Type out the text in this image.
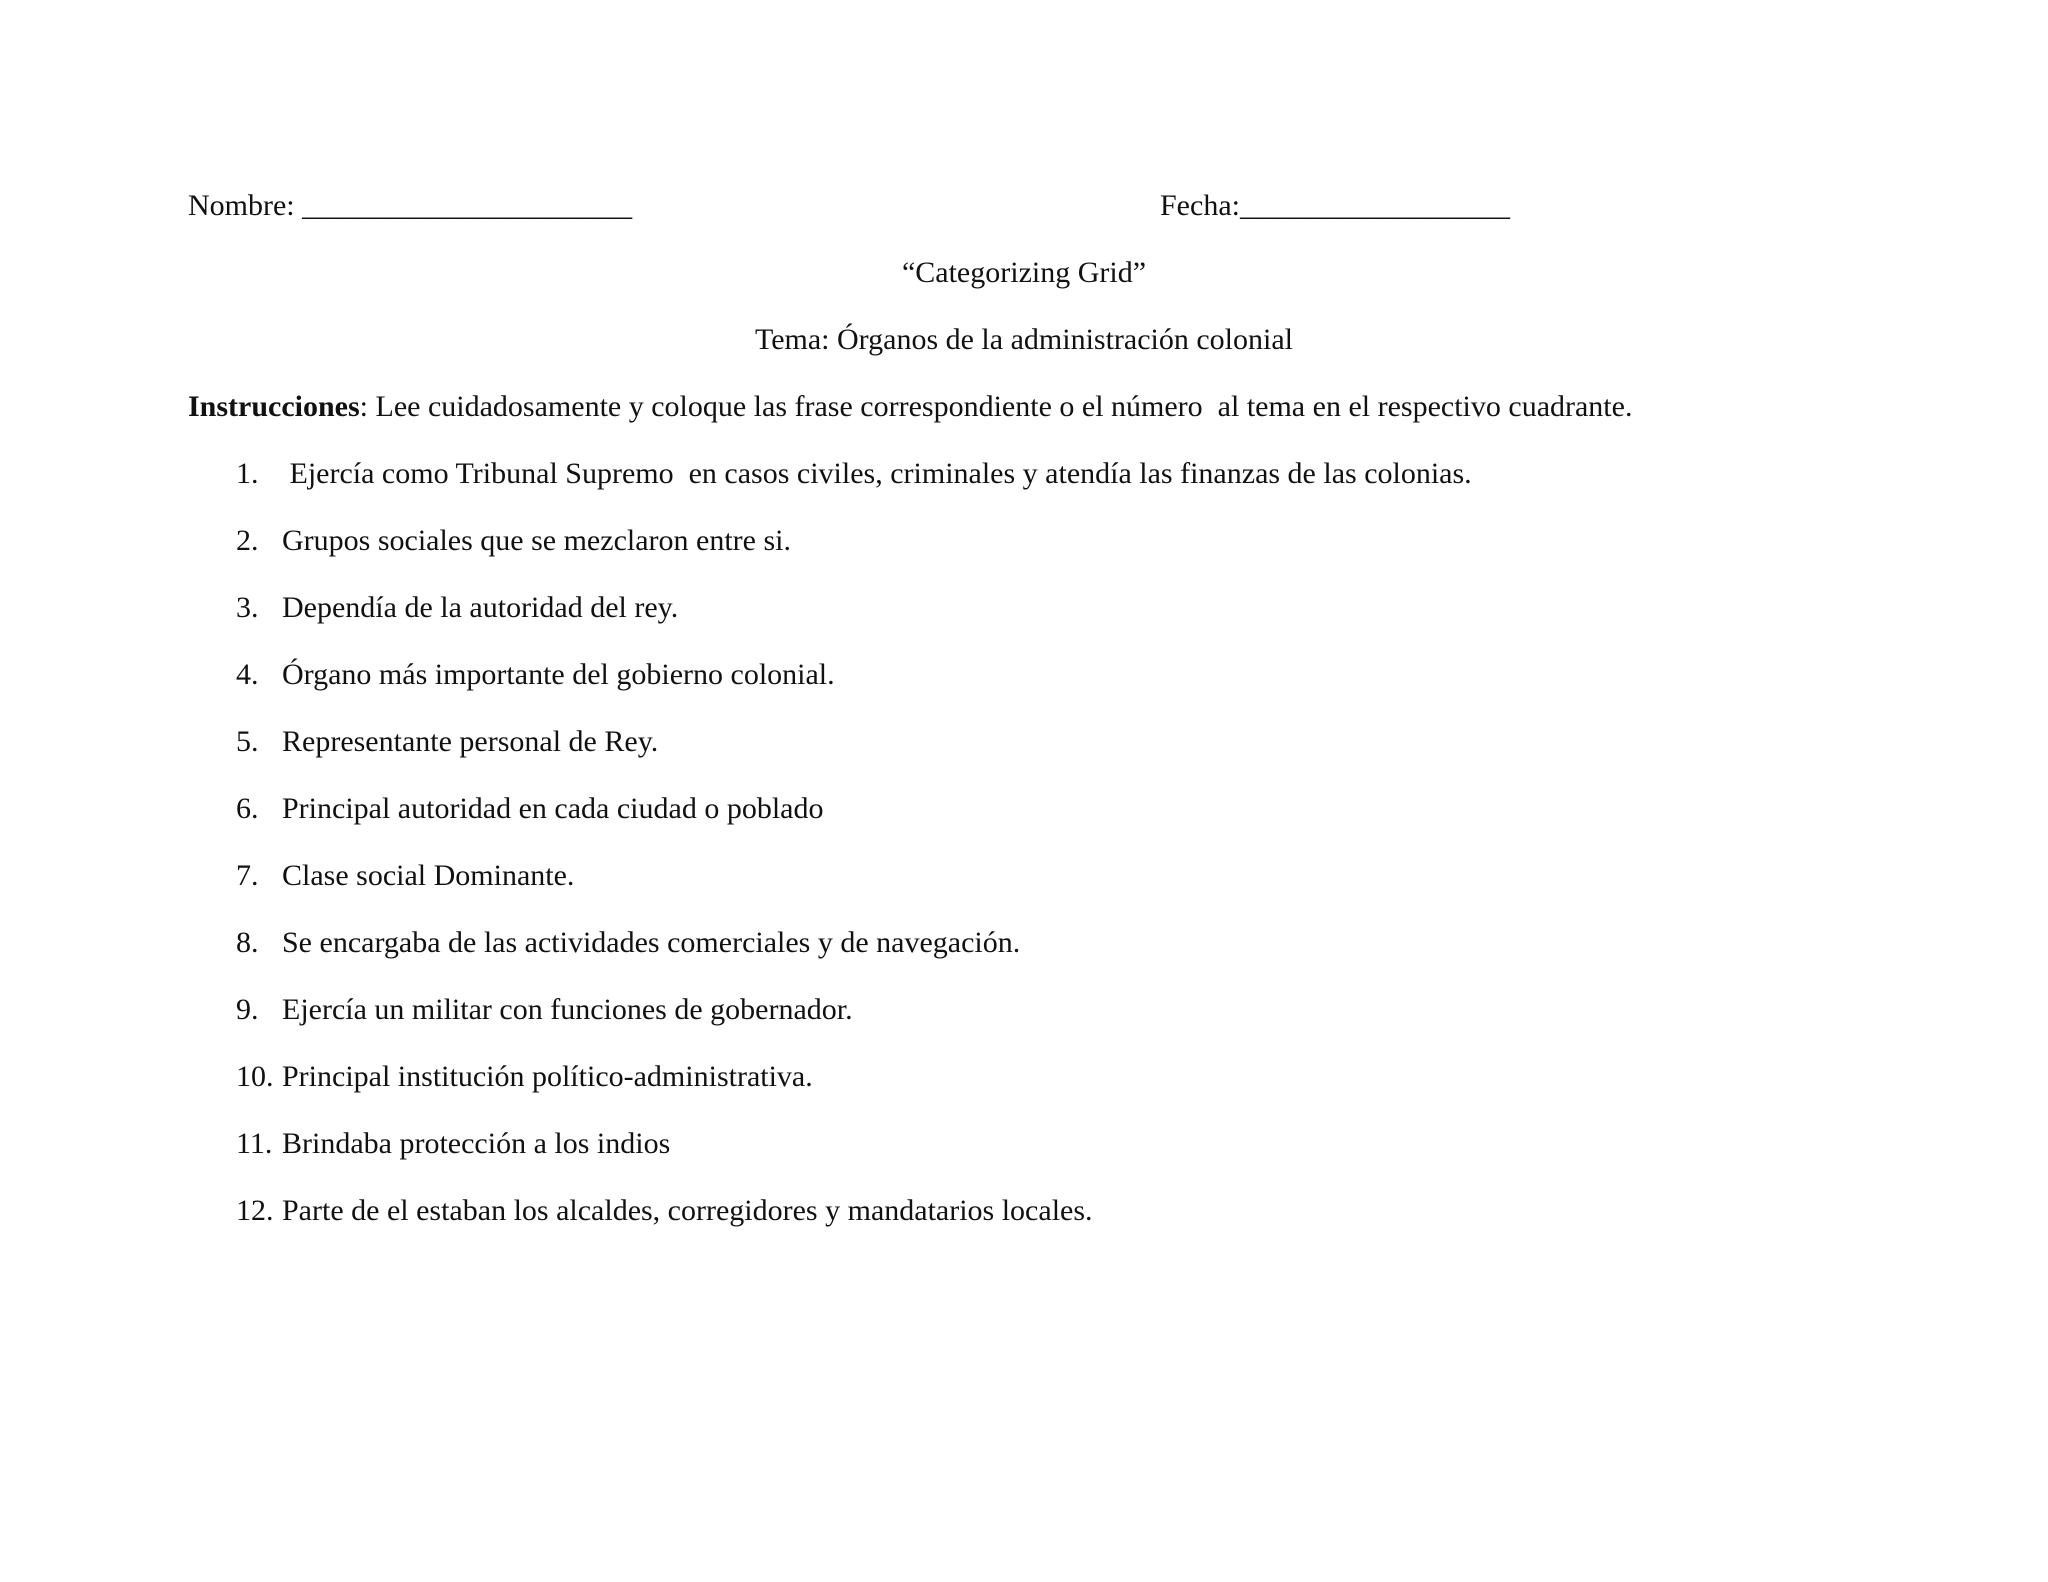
Nombre: ______________________	Fecha:__________________
“Categorizing Grid”
Tema: Órganos de la administración colonial
Instrucciones: Lee cuidadosamente y coloque las frase correspondiente o el número  al tema en el respectivo cuadrante.
1. Ejercía como Tribunal Supremo  en casos civiles, criminales y atendía las finanzas de las colonias.
2. Grupos sociales que se mezclaron entre si.
3. Dependía de la autoridad del rey.
4. Órgano más importante del gobierno colonial.
5. Representante personal de Rey.
6. Principal autoridad en cada ciudad o poblado
7. Clase social Dominante.
8. Se encargaba de las actividades comerciales y de navegación.
9. Ejercía un militar con funciones de gobernador.
10. Principal institución político-administrativa.
11. Brindaba protección a los indios
12. Parte de el estaban los alcaldes, corregidores y mandatarios locales.
